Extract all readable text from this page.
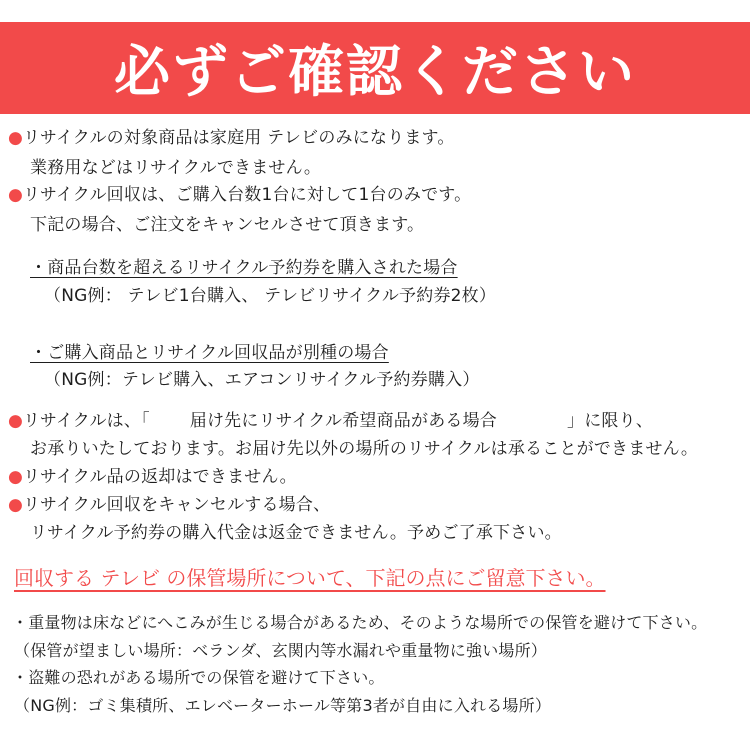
必ずご確認ください
●リサイクルの対象商品は家庭用 テレビのみになります。
業務用などはリサイクルできません。
●リサイクル回収は、ご購入台数1台に対して1台のみです。
下記の場合、ご注文をキャンセルさせて頂きます。
・商品台数を超えるリサイクル予約券を購入された場合
（NG例： テレビ1台購入、 テレビリサイクル予約券2枚）
・ご購入商品とリサイクル回収品が別種の場合
（NG例：テレビ購入、エアコンリサイクル予約券購入）
●リサイクルは、「 届け先にリサイクル希望商品がある場合	」に限り、
お承りいたしております。お届け先以外の場所のリサイクルは承ることができません。
●リサイクル品の返却はできません。
●リサイクル回収をキャンセルする場合、
リサイクル予約券の購入代金は返金できません。予めご了承下さい。
回収する テレビ の保管場所について、下記の点にご留意下さい。
・重量物は床などにへこみが生じる場合があるため、そのような場所での保管を避けて下さい。
（保管が望ましい場所：ベランダ、玄関内等水漏れや重量物に強い場所）
・盗難の恐れがある場所での保管を避けて下さい。
（NG例：ゴミ集積所、エレベーターホール等第3者が自由に入れる場所）
